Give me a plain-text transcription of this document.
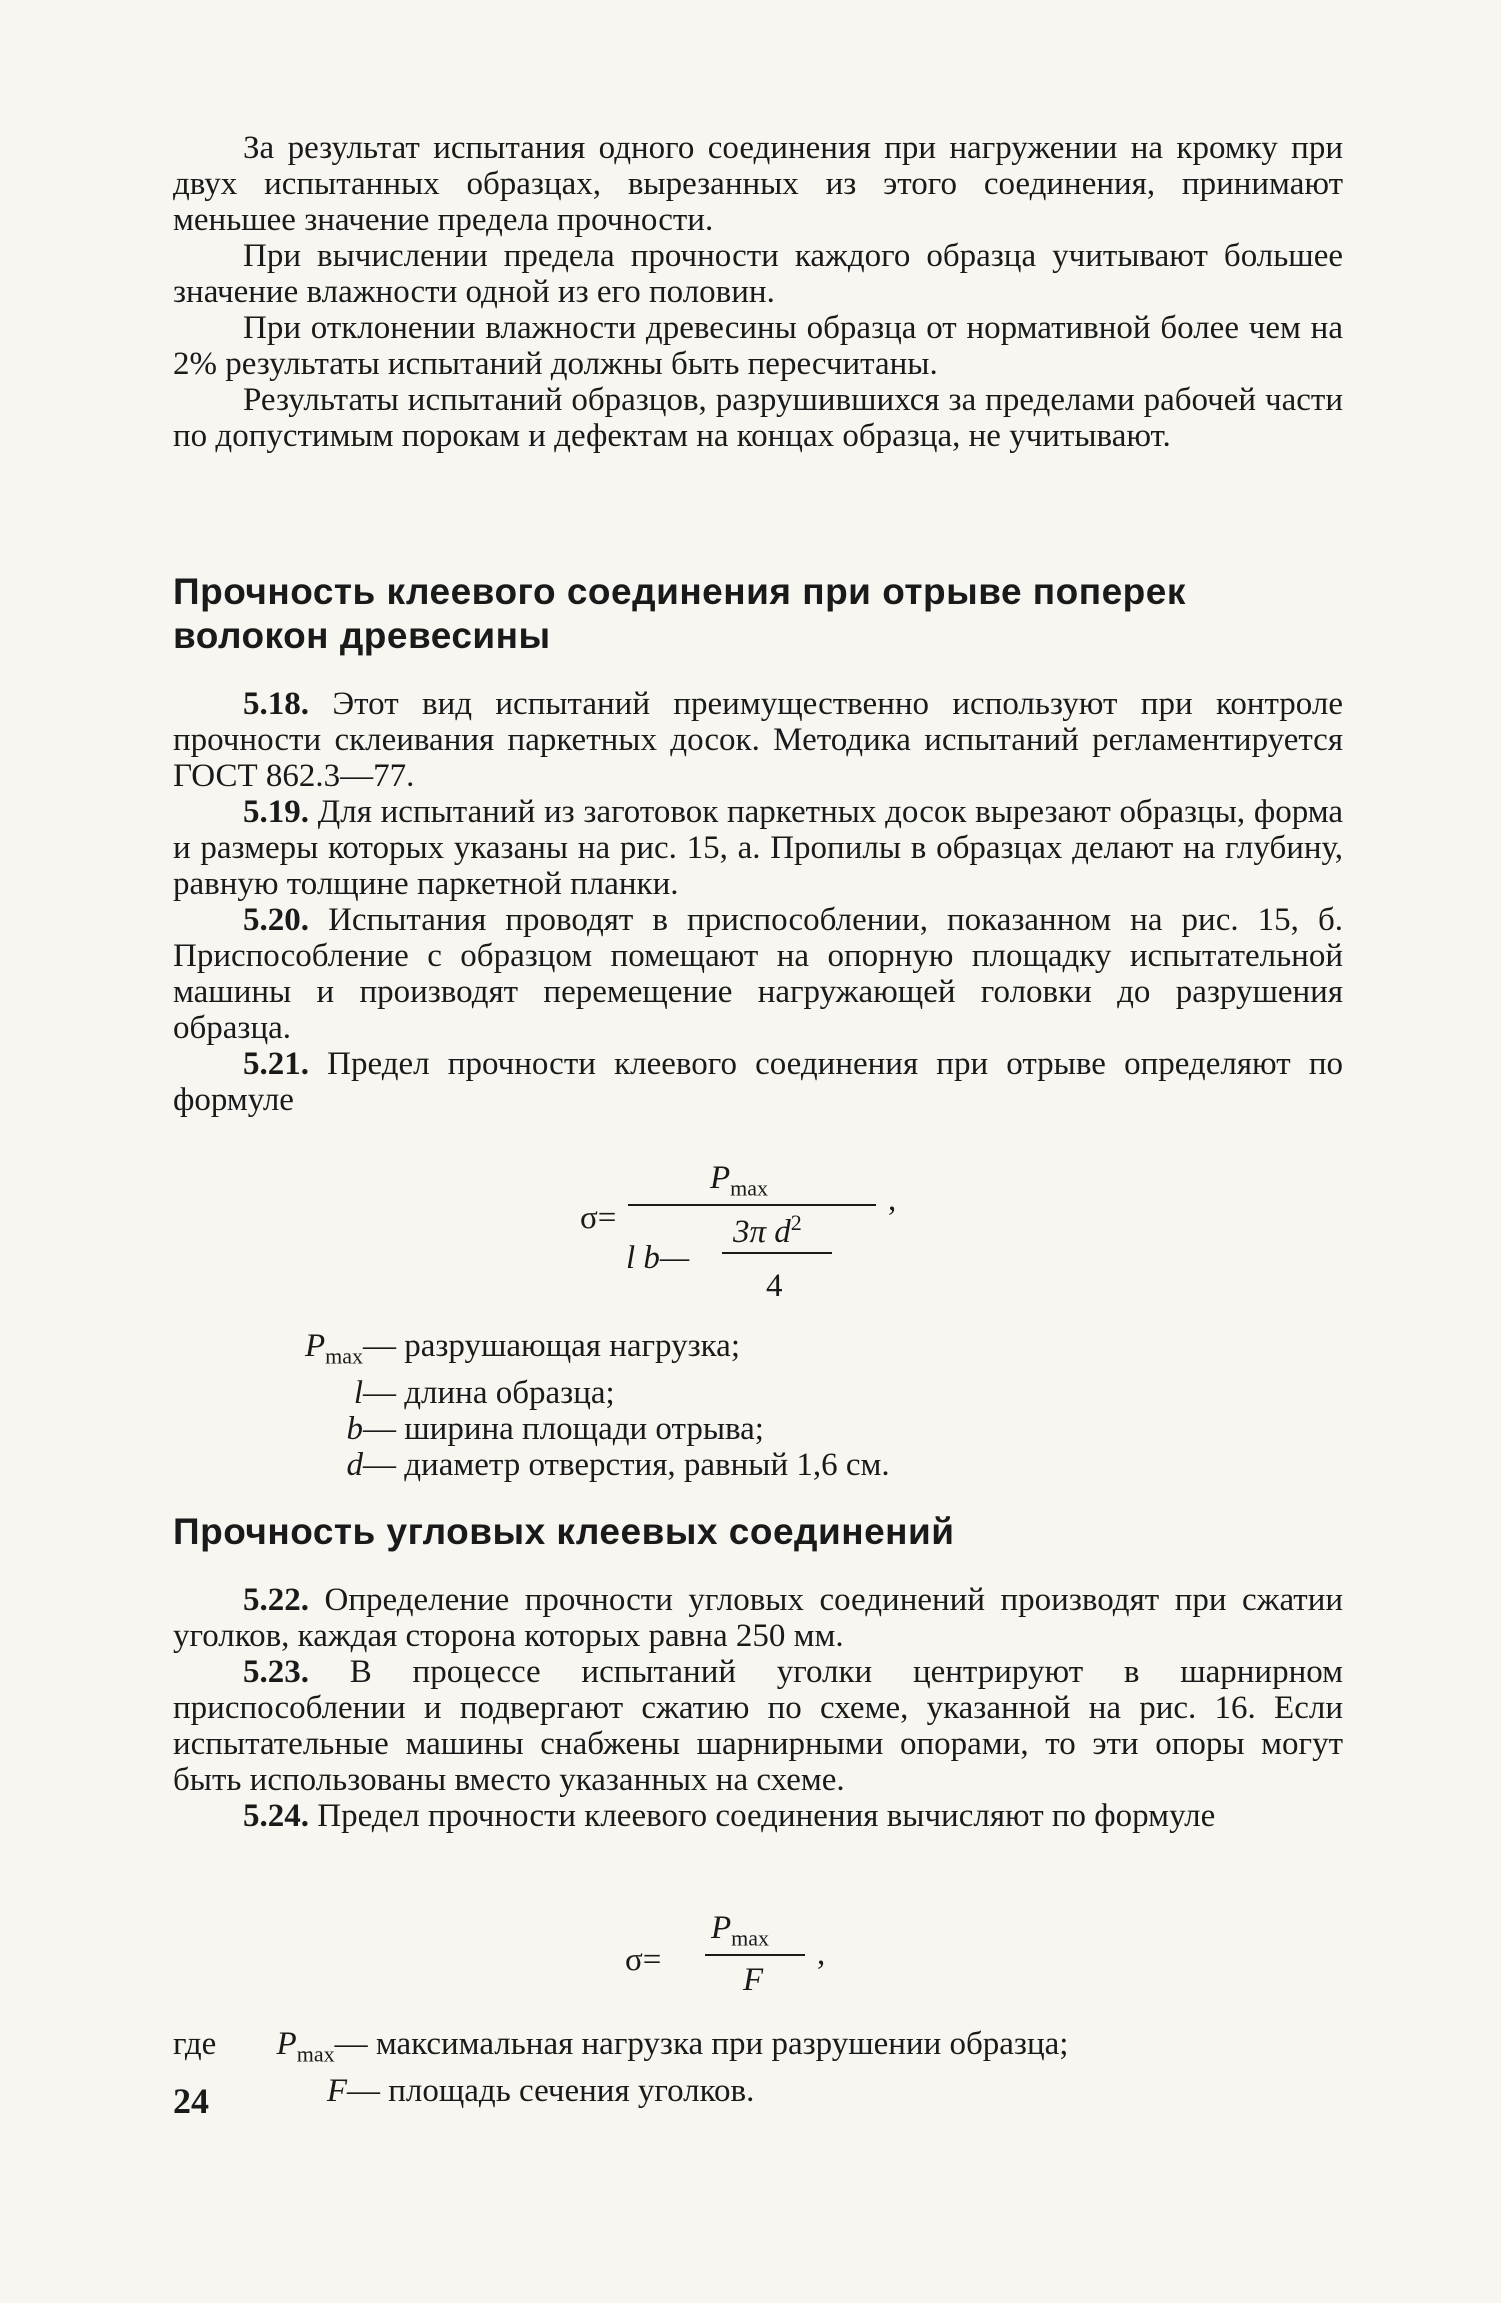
За результат испытания одного соединения при нагружении на кромку при двух испытанных образцах, вырезанных из этого соединения, принимают меньшее значение предела прочности.

При вычислении предела прочности каждого образца учитывают большее значение влажности одной из его половин.

При отклонении влажности древесины образца от нормативной более чем на 2% результаты испытаний должны быть пересчитаны.

Результаты испытаний образцов, разрушившихся за пределами рабочей части по допустимым порокам и дефектам на концах образца, не учитывают.

Прочность клеевого соединения при отрыве поперек волокон древесины

5.18. Этот вид испытаний преимущественно используют при контроле прочности склеивания паркетных досок. Методика испытаний регламентируется ГОСТ 862.3—77.

5.19. Для испытаний из заготовок паркетных досок вырезают образцы, форма и размеры которых указаны на рис. 15, а. Пропилы в образцах делают на глубину, равную толщине паркетной планки.

5.20. Испытания проводят в приспособлении, показанном на рис. 15, б. Приспособление с образцом помещают на опорную площадку испытательной машины и производят перемещение нагружающей головки до разрушения образца.

5.21. Предел прочности клеевого соединения при отрыве определяют по формуле

σ=
$P_{max}$
3π $d^2$
,
l b—
4
$P_{max}—$ разрушающая нагрузка;
l— длина образца;
b— ширина площади отрыва;
d— диаметр отверстия, равный 1,6 см.
Прочность угловых клеевых соединений

5.22. Определение прочности угловых соединений производят при сжатии уголков, каждая сторона которых равна 250 мм.

5.23. В процессе испытаний уголки центрируют в шарнирном приспособлении и подвергают сжатию по схеме, указанной на рис. 16. Если испытательные машины снабжены шарнирными опорами, то эти опоры могут быть использованы вместо указанных на схеме.

5.24. Предел прочности клеевого соединения вычисляют по формуле

σ=
$P_{max}$
F
,
где $P_{max}—$ максимальная нагрузка при разрушении образца;
F— площадь сечения уголков.
24
